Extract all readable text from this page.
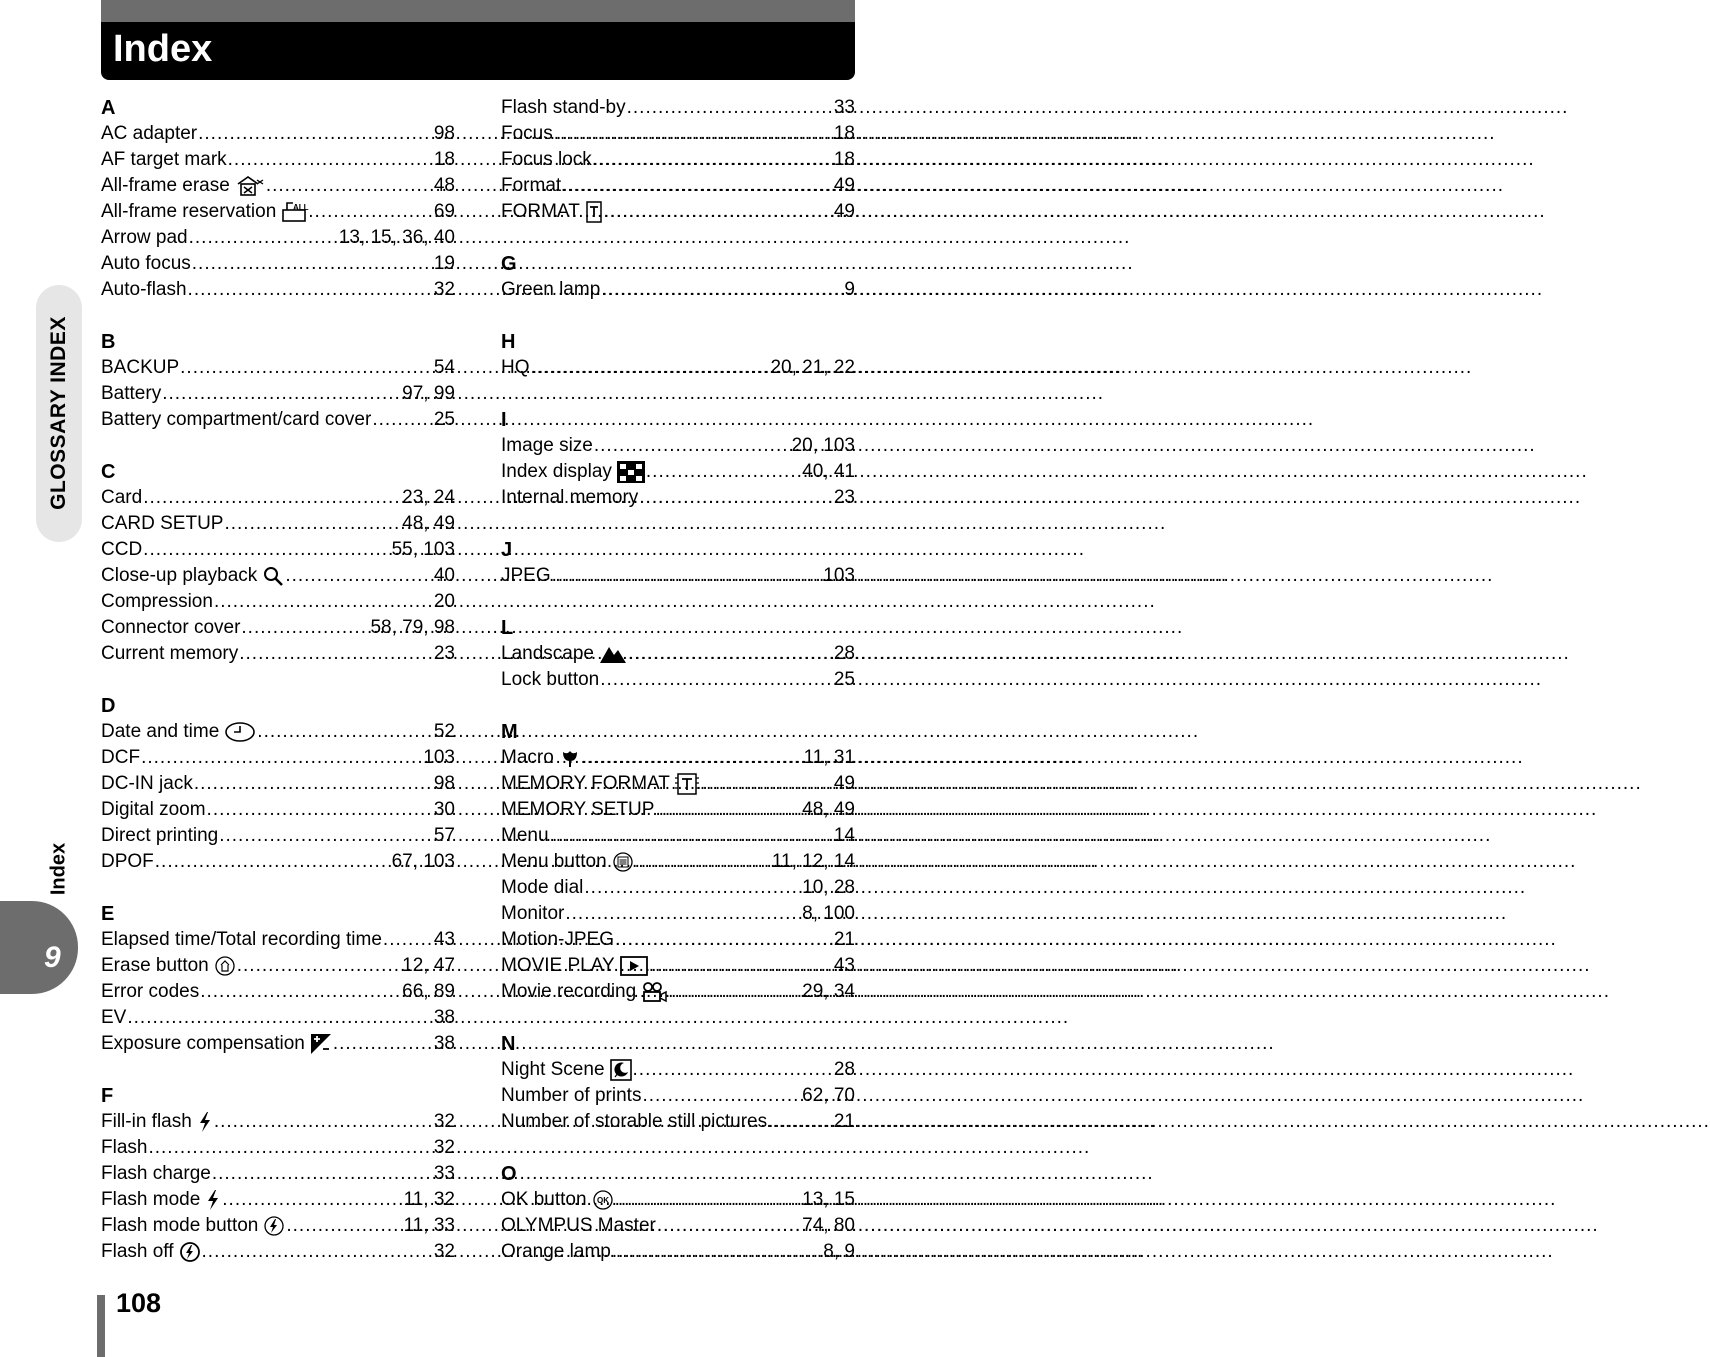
Index
GLOSSARY INDEX
Index
9
A
AC adapter .....	98
AF target mark .....	18
All-frame erase .....	48
All-frame reservation ALL .....	69
Arrow pad .....	13, 15, 36, 40
Auto focus .....	19
Auto-flash .....	32
B
BACKUP .....	54
Battery .....	97, 99
Battery compartment/card cover .....	25
C
Card .....	23, 24
CARD SETUP .....	48, 49
CCD .....	55, 103
Close-up playback .....	40
Compression .....	20
Connector cover .....	58, 79, 98
Current memory .....	23
D
Date and time .....	52
DCF .....	103
DC-IN jack .....	98
Digital zoom .....	30
Direct printing .....	57
DPOF .....	67, 103
E
Elapsed time/Total recording time .....	43
Erase button .....	12, 47
Error codes .....	66, 89
EV .....	38
Exposure compensation .....	38
F
Fill-in flash .....	32
Flash .....	32
Flash charge .....	33
Flash mode .....	11, 32
Flash mode button .....	11, 33
Flash off .....	32
Flash stand-by .....	33
Focus .....	18
Focus lock .....	18
Format .....	49
FORMAT .....	49
G
Green lamp .....	9
H
HQ .....	20, 21, 22
I
Image size .....	20, 103
Index display .....	40, 41
Internal memory .....	23
J
JPEG .....	103
L
Landscape .....	28
Lock button .....	25
M
Macro .....	11, 31
MEMORY FORMAT .....	49
MEMORY SETUP .....	48, 49
Menu .....	14
Menu button .....	11, 12, 14
Mode dial .....	10, 28
Monitor .....	8, 100
Motion-JPEG .....	21
MOVIE PLAY .....	43
Movie recording .....	29, 34
N
Night Scene .....	28
Number of prints .....	62, 70
Number of storable still pictures .....	21
O
OK button OK .....	13, 15
OLYMPUS Master .....	74, 80
Orange lamp .....	8, 9
108
